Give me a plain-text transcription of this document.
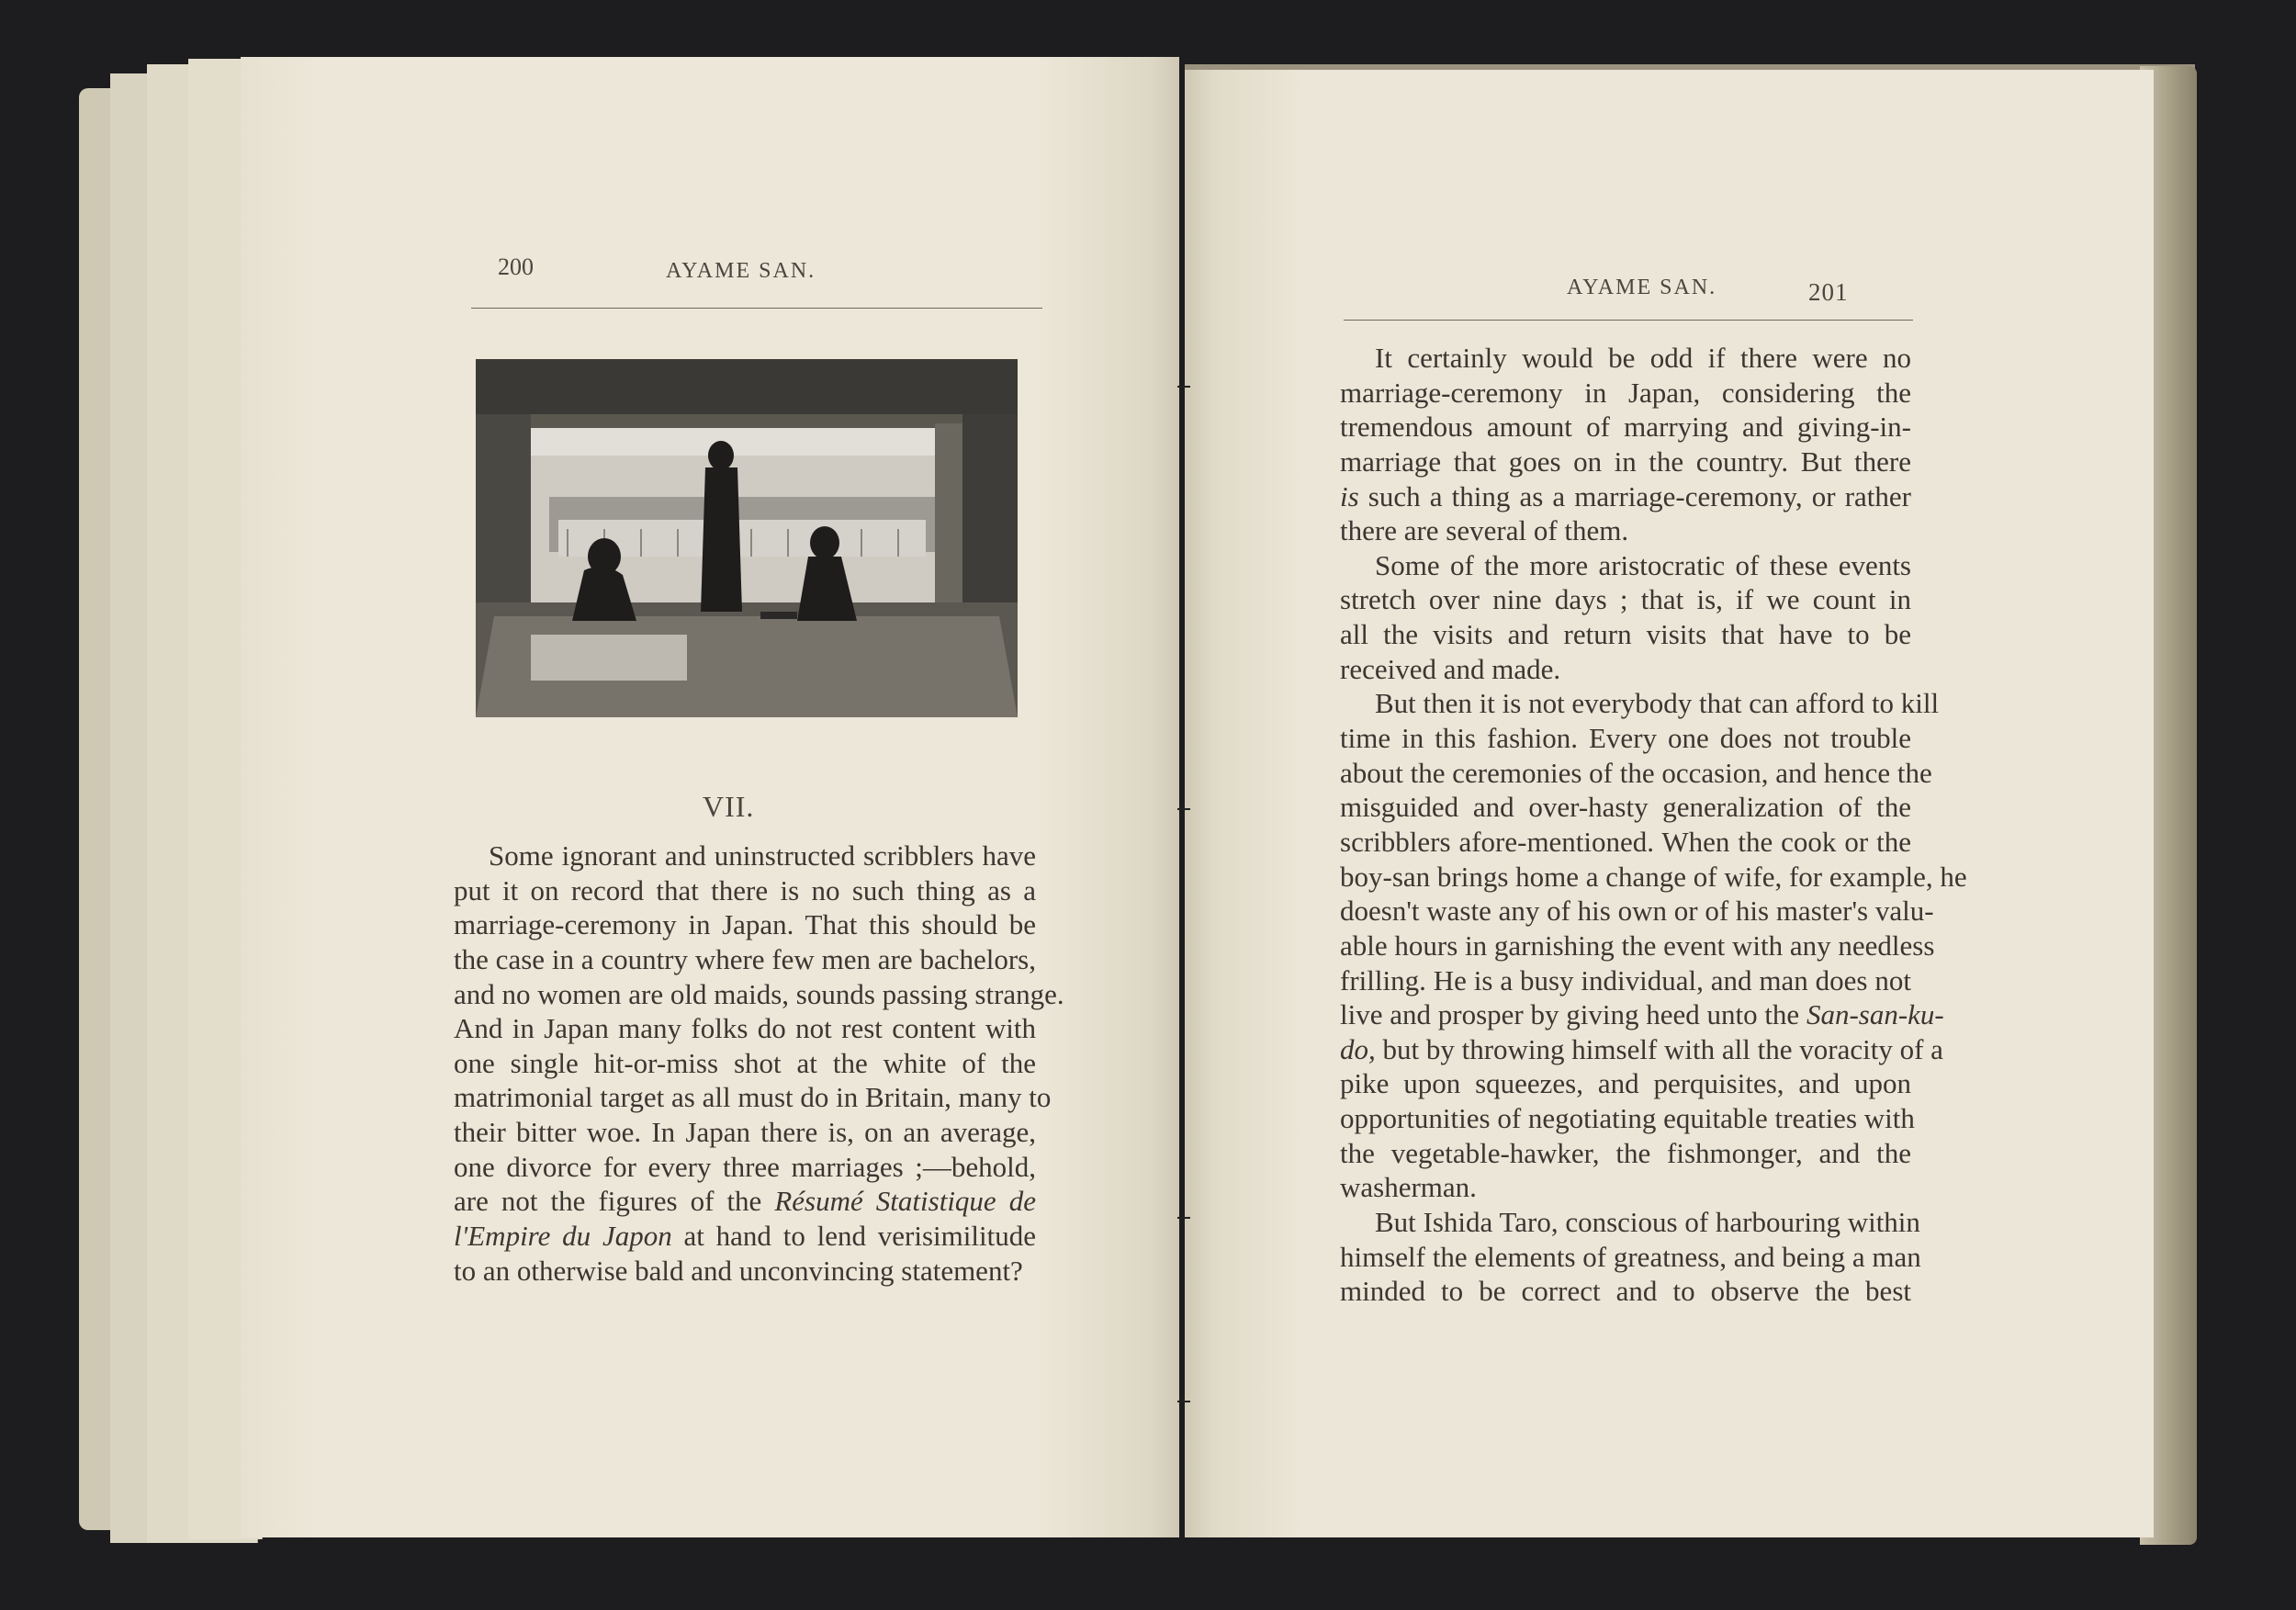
200	AYAME SAN.
VII.
Some ignorant and uninstructed scribblers have
put it on record that there is no such thing as a
marriage-ceremony in Japan. That this should be
the case in a country where few men are bachelors,
and no women are old maids, sounds passing strange.
And in Japan many folks do not rest content with
one single hit-or-miss shot at the white of the
matrimonial target as all must do in Britain, many to
their bitter woe. In Japan there is, on an average,
one divorce for every three marriages ;—behold,
are not the figures of the Résumé Statistique de
l'Empire du Japon at hand to lend verisimilitude
to an otherwise bald and unconvincing statement?
AYAME SAN.	201
It certainly would be odd if there were no
marriage-ceremony in Japan, considering the
tremendous amount of marrying and giving-in-
marriage that goes on in the country. But there
is such a thing as a marriage-ceremony, or rather
there are several of them.
Some of the more aristocratic of these events
stretch over nine days ; that is, if we count in
all the visits and return visits that have to be
received and made.
But then it is not everybody that can afford to kill
time in this fashion. Every one does not trouble
about the ceremonies of the occasion, and hence the
misguided and over-hasty generalization of the
scribblers afore-mentioned. When the cook or the
boy-san brings home a change of wife, for example, he
doesn't waste any of his own or of his master's valu-
able hours in garnishing the event with any needless
frilling. He is a busy individual, and man does not
live and prosper by giving heed unto the San-san-ku-
do, but by throwing himself with all the voracity of a
pike upon squeezes, and perquisites, and upon
opportunities of negotiating equitable treaties with
the vegetable-hawker, the fishmonger, and the
washerman.
But Ishida Taro, conscious of harbouring within
himself the elements of greatness, and being a man
minded to be correct and to observe the best
